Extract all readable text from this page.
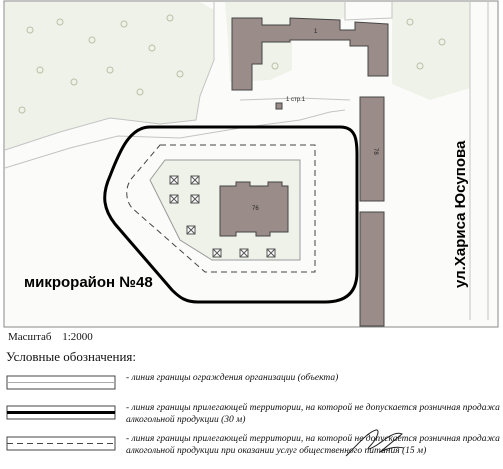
76
78
1 стр.1
1
микрорайон №48	ул.Хариса Юсупова
Масштаб 1:2000
Условные обозначения:
- линия границы ограждения организации (объекта)
- линия границы прилегающей территории, на которой не допускается розничная продажа алкогольной продукции (30 м)
- линия границы прилегающей территории, на которой не допускается розничная продажа алкогольной продукции при оказании услуг общественного питания (15 м)
